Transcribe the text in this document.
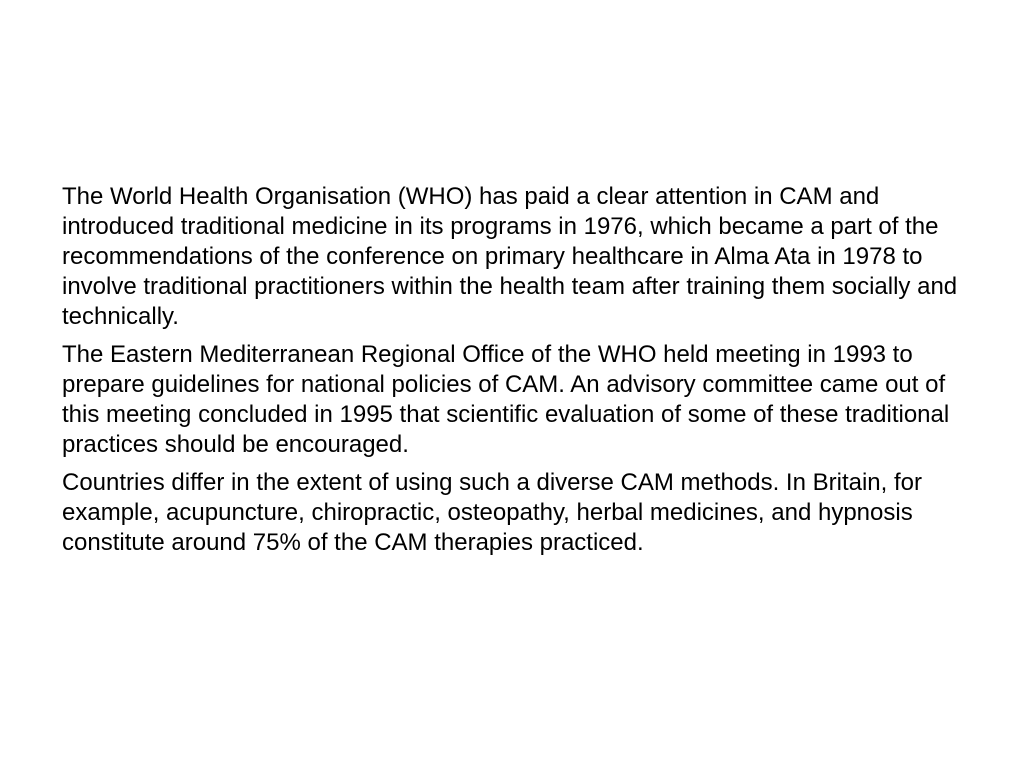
The World Health Organisation (WHO) has paid a clear attention in CAM and introduced traditional medicine in its programs in 1976, which became a part of the recommendations of the conference on primary healthcare in Alma Ata in 1978 to involve traditional practitioners within the health team after training them socially and technically.

The Eastern Mediterranean Regional Office of the WHO held meeting in 1993 to prepare guidelines for national policies of CAM. An advisory committee came out of this meeting concluded in 1995 that scientific evaluation of some of these traditional practices should be encouraged.

Countries differ in the extent of using such a diverse CAM methods. In Britain, for example, acupuncture, chiropractic, osteopathy, herbal medicines, and hypnosis constitute around 75% of the CAM therapies practiced.
